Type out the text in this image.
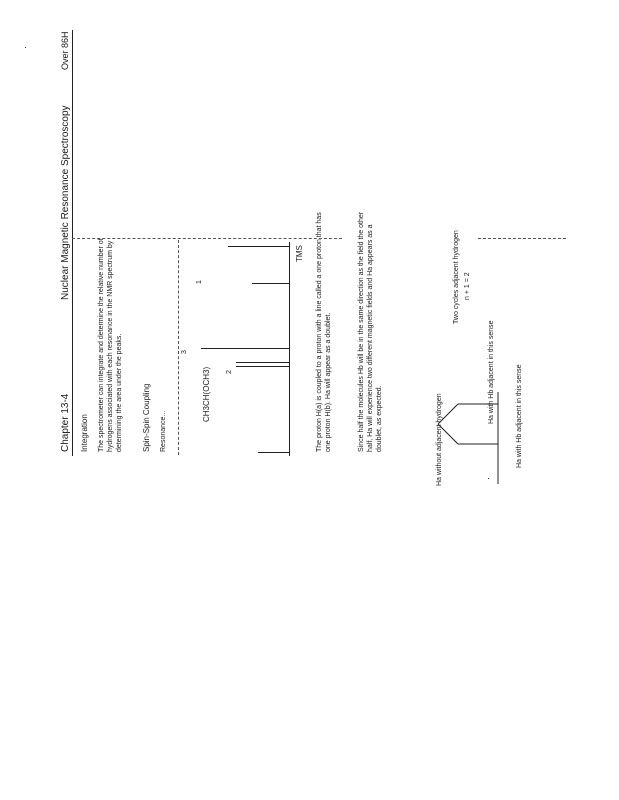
Over 86H
Nuclear Magnetic Resonance Spectroscopy
Chapter 13-4 Integration The spectrometer can integrate and determine the relative number of hydrogens associated with each resonance in the NMR spectrum by determining the area under the peaks. Spin-Spin Coupling Resonance...
1
3
2
CH3CH(OCH3)
TMS The proton H(a) is coupled to a proton with a line called a one proton that has one proton H(b). Ha will appear as a doublet.	Since half the molecules Hb will be in the same direction as the field the other half, Ha will experience two different magnetic fields and Ha appears as a doublet, as expected.	Ha without adjacent hydrogen
Two cycles adjacent hydrogen n + 1 = 2
Ha with Hb adjacent in this sense	Ha with Hb adjacent in this sense
